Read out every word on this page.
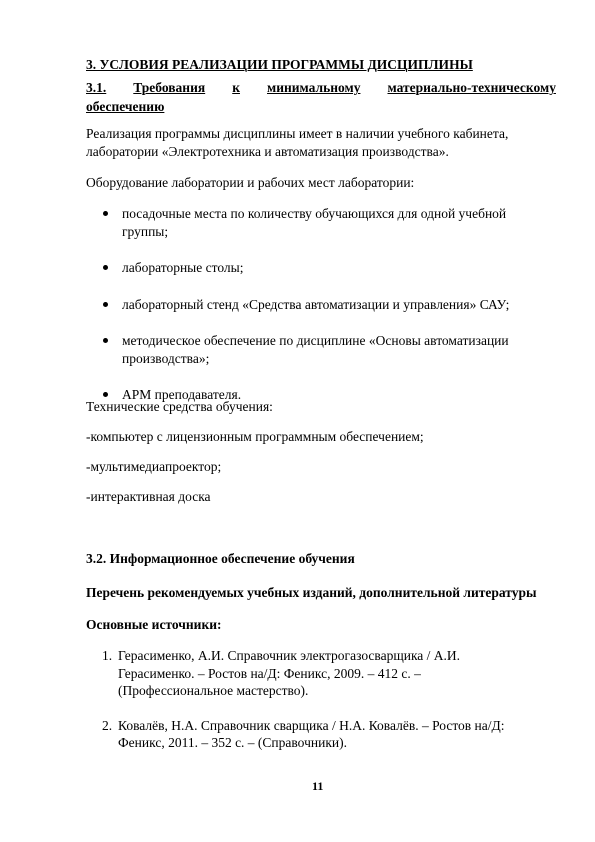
3. УСЛОВИЯ РЕАЛИЗАЦИИ ПРОГРАММЫ ДИСЦИПЛИНЫ
3.1. Требования к минимальному материально-техническому
обеспечению
Реализация программы дисциплины имеет в наличии учебного кабинета,
лаборатории «Электротехника и автоматизация производства».
Оборудование лаборатории и рабочих мест лаборатории:
посадочные места по количеству обучающихся для одной учебной группы;
лабораторные столы;
лабораторный стенд «Средства автоматизации и управления» САУ;
методическое обеспечение по дисциплине «Основы автоматизации производства»;
АРМ преподавателя.
Технические средства обучения:
-компьютер с лицензионным программным обеспечением;
-мультимедиапроектор;
-интерактивная доска
3.2. Информационное обеспечение обучения
Перечень рекомендуемых учебных изданий, дополнительной литературы
Основные источники:
1. Герасименко, А.И. Справочник электрогазосварщика / А.И. Герасименко. – Ростов на/Д: Феникс, 2009. – 412 с. – (Профессиональное мастерство).
2. Ковалёв, Н.А. Справочник сварщика / Н.А. Ковалёв. – Ростов на/Д: Феникс, 2011. – 352 с. – (Справочники).
11
